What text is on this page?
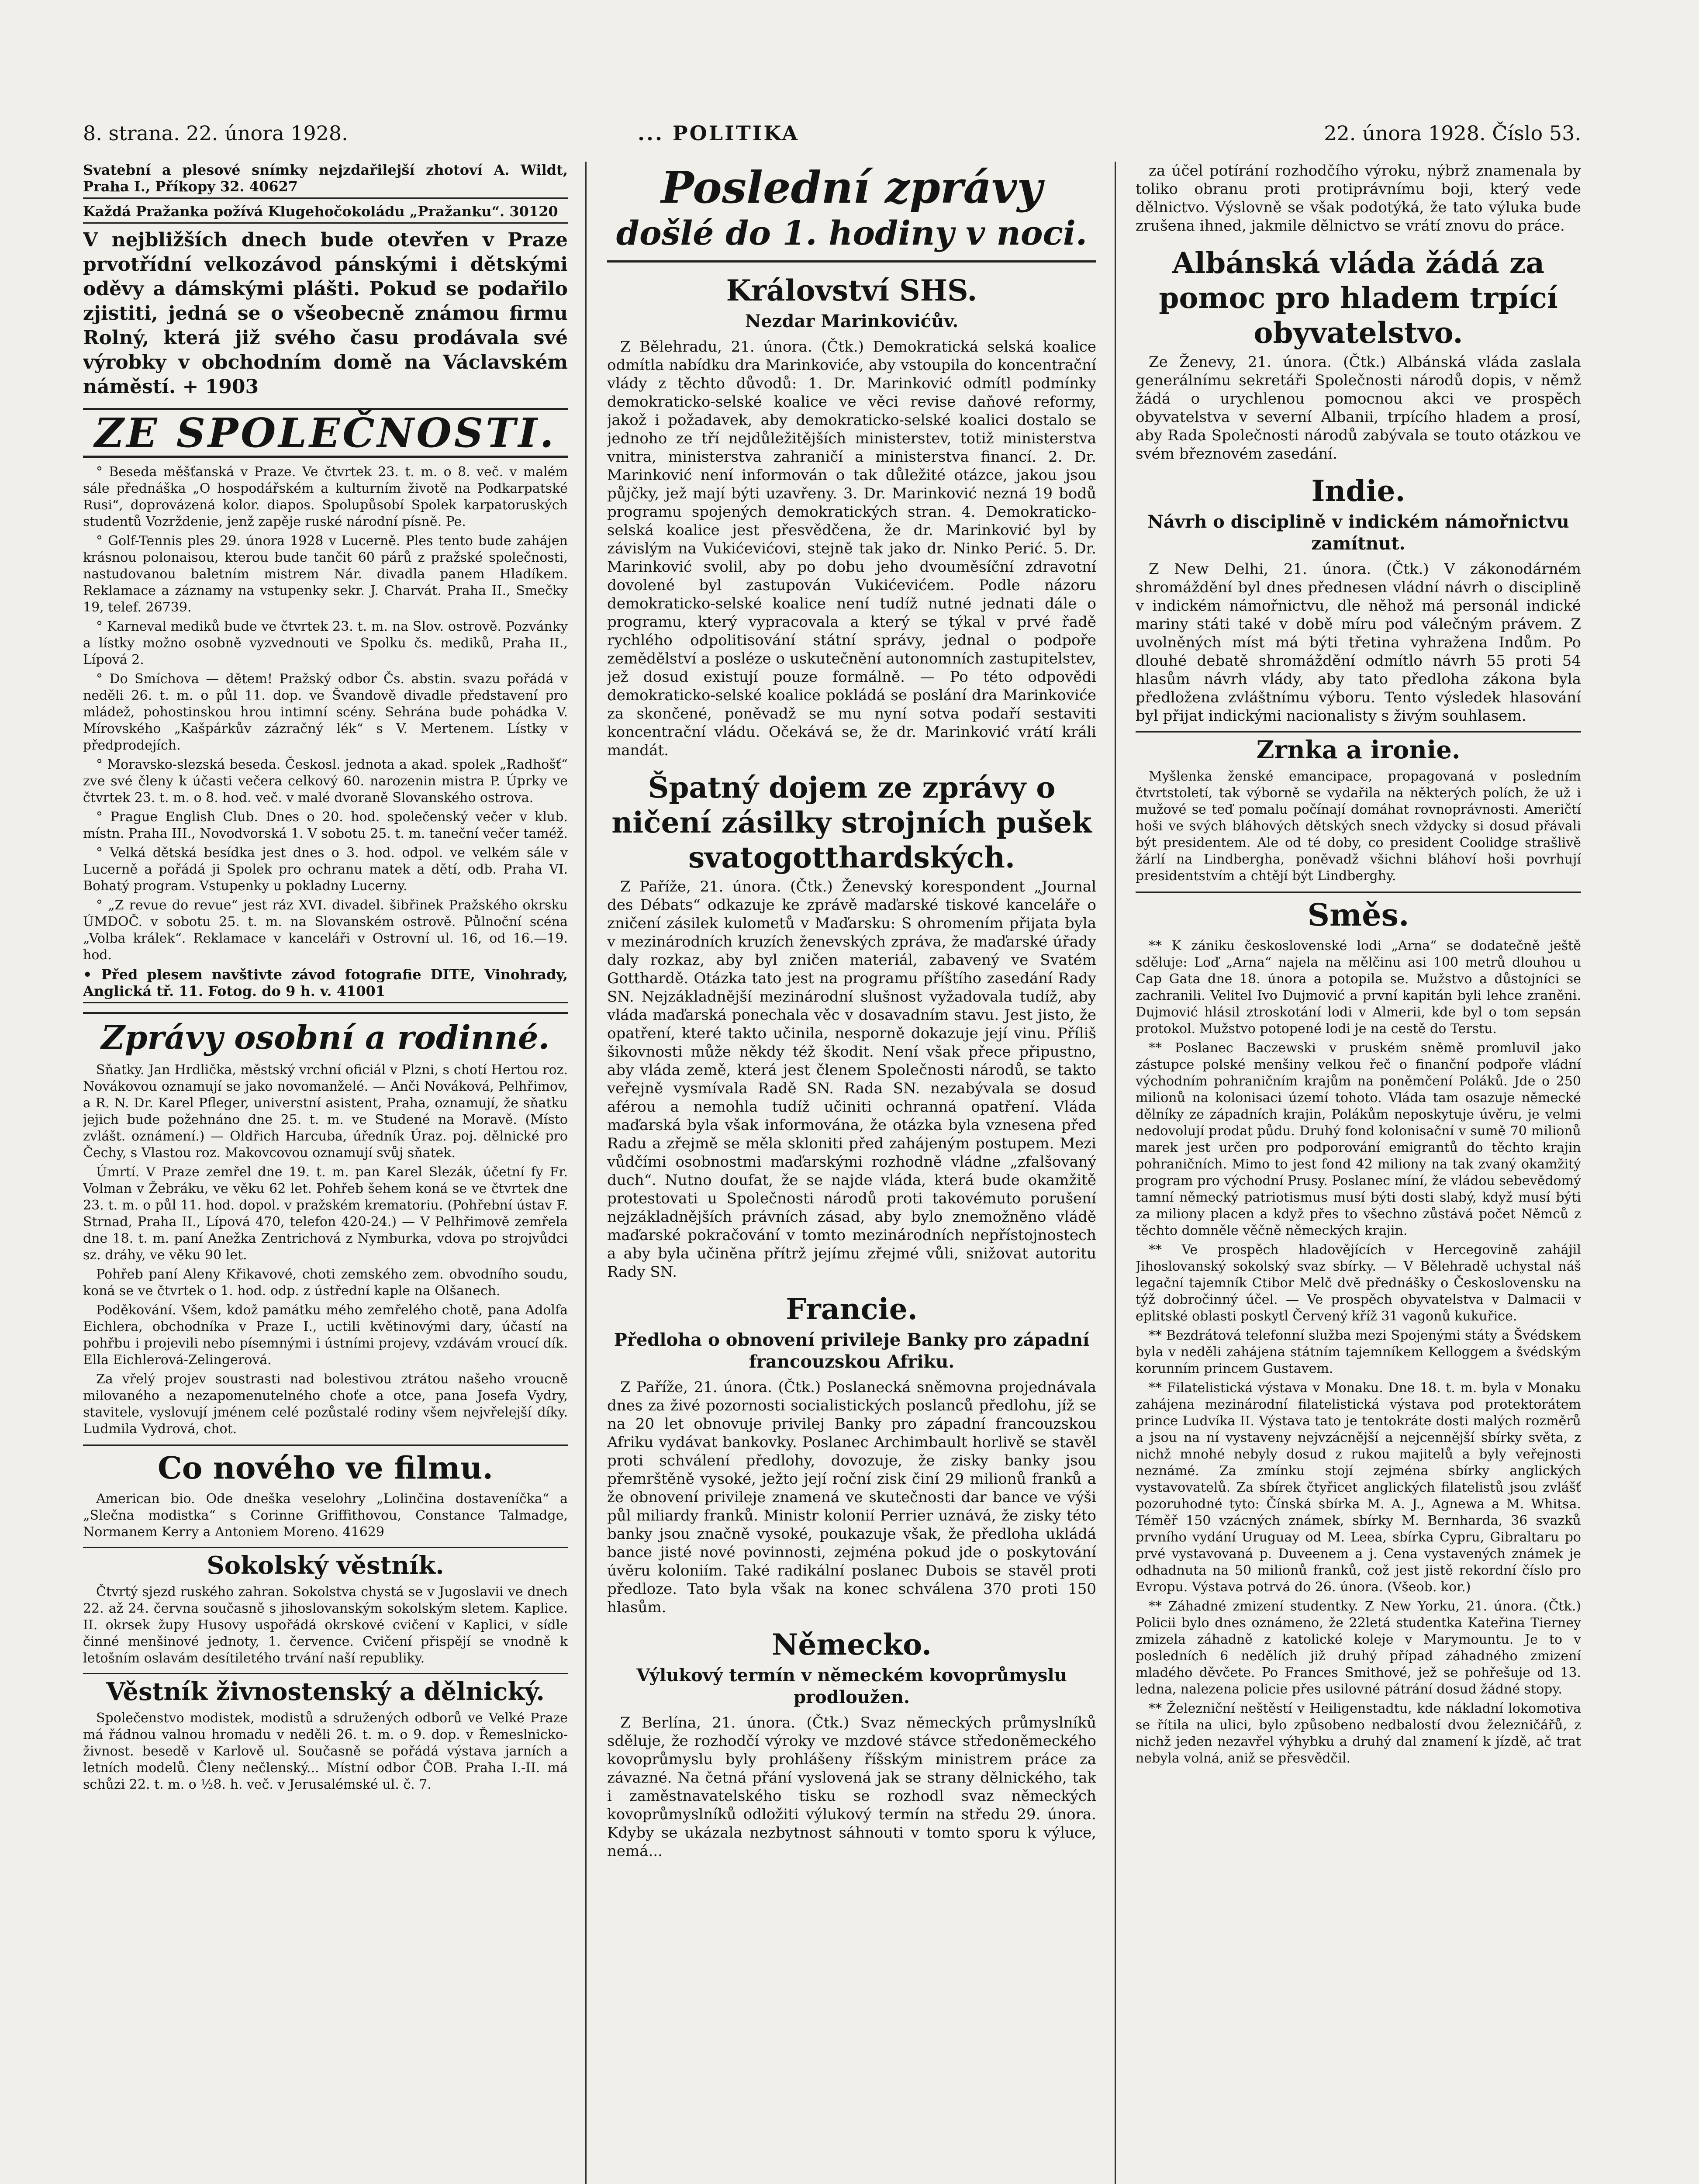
8. strana. 22. února 1928.	... POLITIKA	22. února 1928. Číslo 53.
Svatební a plesové snímky nejzdařilejší zhotoví A. Wildt, Praha I., Příkopy 32. 40627
Každá Pražanka požívá Klugehočokoládu „Pražanku“. 30120
V nejbližších dnech bude otevřen v Praze prvotřídní velkozávod pánskými i dětskými oděvy a dámskými plášti. Pokud se podařilo zjistiti, jedná se o všeobecně známou firmu Rolný, která již svého času prodávala své výrobky v obchodním domě na Václavském náměstí. + 1903
ZE SPOLEČNOSTI.

° Beseda měšťanská v Praze. Ve čtvrtek 23. t. m. o 8. več. v malém sále přednáška „O hospodářském a kulturním životě na Podkarpatské Rusi“, doprovázená kolor. diapos. Spolupůsobí Spolek karpatoruských studentů Vozrždenie, jenž zapěje ruské národní písně. Pe.

° Golf-Tennis ples 29. února 1928 v Lucerně. Ples tento bude zahájen krásnou polonaisou, kterou bude tančit 60 párů z pražské společnosti, nastudovanou baletním mistrem Nár. divadla panem Hladíkem. Reklamace a záznamy na vstupenky sekr. J. Charvát. Praha II., Smečky 19, telef. 26739.

° Karneval mediků bude ve čtvrtek 23. t. m. na Slov. ostrově. Pozvánky a lístky možno osobně vyzvednouti ve Spolku čs. mediků, Praha II., Lípová 2.

° Do Smíchova — dětem! Pražský odbor Čs. abstin. svazu pořádá v neděli 26. t. m. o půl 11. dop. ve Švandově divadle představení pro mládež, pohostinskou hrou intimní scény. Sehrána bude pohádka V. Mírovského „Kašpárkův zázračný lék“ s V. Mertenem. Lístky v předprodejích.

° Moravsko-slezská beseda. Českosl. jednota a akad. spolek „Radhošť“ zve své členy k účasti večera celkový 60. narozenin mistra P. Úprky ve čtvrtek 23. t. m. o 8. hod. več. v malé dvoraně Slovanského ostrova.

° Prague English Club. Dnes o 20. hod. společenský večer v klub. místn. Praha III., Novodvorská 1. V sobotu 25. t. m. taneční večer taméž.

° Velká dětská besídka jest dnes o 3. hod. odpol. ve velkém sále v Lucerně a pořádá ji Spolek pro ochranu matek a dětí, odb. Praha VI. Bohatý program. Vstupenky u pokladny Lucerny.

° „Z revue do revue“ jest ráz XVI. divadel. šibřinek Pražského okrsku ÚMDOČ. v sobotu 25. t. m. na Slovanském ostrově. Půlnoční scéna „Volba králek“. Reklamace v kanceláři v Ostrovní ul. 16, od 16.—19. hod.

• Před plesem navštivte závod fotografie DITE, Vinohrady, Anglická tř. 11. Fotog. do 9 h. v. 41001
Zprávy osobní a rodinné.

Sňatky. Jan Hrdlička, městský vrchní oficiál v Plzni, s chotí Hertou roz. Novákovou oznamují se jako novomanželé. — Anči Nováková, Pelhřimov, a R. N. Dr. Karel Pfleger, universtní asistent, Praha, oznamují, že sňatku jejich bude požehnáno dne 25. t. m. ve Studené na Moravě. (Místo zvlášt. oznámení.) — Oldřich Harcuba, úředník Úraz. poj. dělnické pro Čechy, s Vlastou roz. Makovcovou oznamují svůj sňatek.

Úmrtí. V Praze zemřel dne 19. t. m. pan Karel Slezák, účetní fy Fr. Volman v Žebráku, ve věku 62 let. Pohřeb šehem koná se ve čtvrtek dne 23. t. m. o půl 11. hod. dopol. v pražském krematoriu. (Pohřební ústav F. Strnad, Praha II., Lípová 470, telefon 420-24.) — V Pelhřimově zemřela dne 18. t. m. paní Anežka Zentrichová z Nymburka, vdova po strojvůdci sz. dráhy, ve věku 90 let.

Pohřeb paní Aleny Křikavové, choti zemského zem. obvodního soudu, koná se ve čtvrtek o 1. hod. odp. z ústřední kaple na Olšanech.

Poděkování. Všem, kdož památku mého zemřelého chotě, pana Adolfa Eichlera, obchodníka v Praze I., uctili květinovými dary, účastí na pohřbu i projevili nebo písemnými i ústními projevy, vzdávám vroucí dík. Ella Eichlerová-Zelingerová.

Za vřelý projev soustrasti nad bolestivou ztrátou našeho vroucně milovaného a nezapomenutelného choťe a otce, pana Josefa Vydry, stavitele, vyslovují jménem celé pozůstalé rodiny všem nejvřelejší díky. Ludmila Vydrová, chot.

Co nového ve filmu.

American bio. Ode dneška veselohry „Lolinčina dostaveníčka“ a „Slečna modistka“ s Corinne Griffithovou, Constance Talmadge, Normanem Kerry a Antoniem Moreno. 41629

Sokolský věstník.

Čtvrtý sjezd ruského zahran. Sokolstva chystá se v Jugoslavii ve dnech 22. až 24. června současně s jihoslovanským sokolským sletem. Kaplice. II. okrsek župy Husovy uspořádá okrskové cvičení v Kaplici, v sídle činné menšinové jednoty, 1. července. Cvičení přispějí se vnodně k letošním oslavám desítiletého trvání naší republiky.

Věstník živnostenský a dělnický.

Společenstvo modistek, modistů a sdružených odborů ve Velké Praze má řádnou valnou hromadu v neděli 26. t. m. o 9. dop. v Řemeslnicko-živnost. besedě v Karlově ul. Současně se pořádá výstava jarních a letních modelů. Členy nečlenský... Místní odbor ČOB. Praha I.-II. má schůzi 22. t. m. o ½8. h. več. v Jerusalémské ul. č. 7.

Poslední zprávy
došlé do 1. hodiny v noci.
Království SHS.
Nezdar Marinkovićův.

Z Bělehradu, 21. února. (Čtk.) Demokratická selská koalice odmítla nabídku dra Marinkoviće, aby vstoupila do koncentrační vlády z těchto důvodů: 1. Dr. Marinković odmítl podmínky demokraticko-selské koalice ve věci revise daňové reformy, jakož i požadavek, aby demokraticko-selské koalici dostalo se jednoho ze tří nejdůležitějších ministerstev, totiž ministerstva vnitra, ministerstva zahraničí a ministerstva financí. 2. Dr. Marinković není informován o tak důležité otázce, jakou jsou půjčky, jež mají býti uzavřeny. 3. Dr. Marinković nezná 19 bodů programu spojených demokratických stran. 4. Demokraticko-selská koalice jest přesvědčena, že dr. Marinković byl by závislým na Vukićevićovi, stejně tak jako dr. Ninko Perić. 5. Dr. Marinković svolil, aby po dobu jeho dvouměsíční zdravotní dovolené byl zastupován Vukićevićem. Podle názoru demokraticko-selské koalice není tudíž nutné jednati dále o programu, který vypracovala a který se týkal v prvé řadě rychlého odpolitisování státní správy, jednal o podpoře zemědělství a posléze o uskutečnění autonomních zastupitelstev, jež dosud existují pouze formálně. — Po této odpovědi demokraticko-selské koalice pokládá se poslání dra Marinkoviće za skončené, poněvadž se mu nyní sotva podaří sestaviti koncentrační vládu. Očekává se, že dr. Marinković vrátí králi mandát.

Špatný dojem ze zprávy o ničení zásilky strojních pušek svatogotthardských.

Z Paříže, 21. února. (Čtk.) Ženevský korespondent „Journal des Débats“ odkazuje ke zprávě maďarské tiskové kanceláře o zničení zásilek kulometů v Maďarsku: S ohromením přijata byla v mezinárodních kruzích ženevských zpráva, že maďarské úřady daly rozkaz, aby byl zničen materiál, zabavený ve Svatém Gotthardě. Otázka tato jest na programu příštího zasedání Rady SN. Nejzákladnější mezinárodní slušnost vyžadovala tudíž, aby vláda maďarská ponechala věc v dosavadním stavu. Jest jisto, že opatření, které takto učinila, nesporně dokazuje její vinu. Příliš šikovnosti může někdy též škodit. Není však přece připustno, aby vláda země, která jest členem Společnosti národů, se takto veřejně vysmívala Radě SN. Rada SN. nezabývala se dosud aférou a nemohla tudíž učiniti ochranná opatření. Vláda maďarská byla však informována, že otázka byla vznesena před Radu a zřejmě se měla skloniti před zahájeným postupem. Mezi vůdčími osobnostmi maďarskými rozhodně vládne „zfalšovaný duch“. Nutno doufat, že se najde vláda, která bude okamžitě protestovati u Společnosti národů proti takovémuto porušení nejzákladnějších právních zásad, aby bylo znemožněno vládě maďarské pokračování v tomto mezinárodních nepřístojnostech a aby byla učiněna přítrž jejímu zřejmé vůli, snižovat autoritu Rady SN.

Francie.
Předloha o obnovení privileje Banky pro západní francouzskou Afriku.

Z Paříže, 21. února. (Čtk.) Poslanecká sněmovna projednávala dnes za živé pozornosti socialistických poslanců předlohu, jíž se na 20 let obnovuje privilej Banky pro západní francouzskou Afriku vydávat bankovky. Poslanec Archimbault horlivě se stavěl proti schválení předlohy, dovozuje, že zisky banky jsou přemrštěně vysoké, ježto její roční zisk činí 29 milionů franků a že obnovení privileje znamená ve skutečnosti dar bance ve výši půl miliardy franků. Ministr kolonií Perrier uznává, že zisky této banky jsou značně vysoké, poukazuje však, že předloha ukládá bance jisté nové povinnosti, zejména pokud jde o poskytování úvěru koloniím. Také radikální poslanec Dubois se stavěl proti předloze. Tato byla však na konec schválena 370 proti 150 hlasům.

Německo.
Výlukový termín v německém kovoprůmyslu prodloužen.

Z Berlína, 21. února. (Čtk.) Svaz německých průmyslníků sděluje, že rozhodčí výroky ve mzdové stávce středoněmeckého kovoprůmyslu byly prohlášeny říšským ministrem práce za závazné. Na četná přání vyslovená jak se strany dělnického, tak i zaměstnavatelského tisku se rozhodl svaz německých kovoprůmyslníků odložiti výlukový termín na středu 29. února. Kdyby se ukázala nezbytnost sáhnouti v tomto sporu k výluce, nemá...

za účel potírání rozhodčího výroku, nýbrž znamenala by toliko obranu proti protiprávnímu boji, který vede dělnictvo. Výslovně se však podotýká, že tato výluka bude zrušena ihned, jakmile dělnictvo se vrátí znovu do práce.

Albánská vláda žádá za pomoc pro hladem trpící obyvatelstvo.

Ze Ženevy, 21. února. (Čtk.) Albánská vláda zaslala generálnímu sekretáři Společnosti národů dopis, v němž žádá o urychlenou pomocnou akci ve prospěch obyvatelstva v severní Albanii, trpícího hladem a prosí, aby Rada Společnosti národů zabývala se touto otázkou ve svém březnovém zasedání.

Indie.
Návrh o disciplině v indickém námořnictvu zamítnut.

Z New Delhi, 21. února. (Čtk.) V zákonodárném shromáždění byl dnes přednesen vládní návrh o disciplině v indickém námořnictvu, dle něhož má personál indické mariny státi také v době míru pod válečným právem. Z uvolněných míst má býti třetina vyhražena Indům. Po dlouhé debatě shromáždění odmítlo návrh 55 proti 54 hlasům návrh vlády, aby tato předloha zákona byla předložena zvláštnímu výboru. Tento výsledek hlasování byl přijat indickými nacionalisty s živým souhlasem.

Zrnka a ironie.

Myšlenka ženské emancipace, propagovaná v posledním čtvrtstoletí, tak výborně se vydařila na některých polích, že už i mužové se teď pomalu počínají domáhat rovnoprávnosti. Američtí hoši ve svých bláhových dětských snech vždycky si dosud přávali být presidentem. Ale od té doby, co president Coolidge strašlivě žárlí na Lindbergha, poněvadž všichni bláhoví hoši povrhují presidentstvím a chtějí být Lindberghy.

Směs.

** K zániku československé lodi „Arna“ se dodatečně ještě sděluje: Loď „Arna“ najela na mělčinu asi 100 metrů dlouhou u Cap Gata dne 18. února a potopila se. Mužstvo a důstojníci se zachranili. Velitel Ivo Dujmović a první kapitán byli lehce zraněni. Dujmović hlásil ztroskotání lodi v Almerii, kde byl o tom sepsán protokol. Mužstvo potopené lodi je na cestě do Terstu.

** Poslanec Baczewski v pruském sněmě promluvil jako zástupce polské menšiny velkou řeč o finanční podpoře vládní východním pohraničním krajům na poněmčení Poláků. Jde o 250 milionů na kolonisaci území tohoto. Vláda tam osazuje německé dělníky ze západních krajin, Polákům neposkytuje úvěru, je velmi nedovolují prodat půdu. Druhý fond kolonisační v sumě 70 milionů marek jest určen pro podporování emigrantů do těchto krajin pohraničních. Mimo to jest fond 42 miliony na tak zvaný okamžitý program pro východní Prusy. Poslanec míní, že vládou sebevědomý tamní německý patriotismus musí býti dosti slabý, když musí býti za miliony placen a když přes to všechno zůstává počet Němců z těchto domněle věčně německých krajin.

** Ve prospěch hladovějících v Hercegovině zahájil Jihoslovanský sokolský svaz sbírky. — V Bělehradě uchystal náš legační tajemník Ctibor Melč dvě přednášky o Československu na týž dobročinný účel. — Ve prospěch obyvatelstva v Dalmacii v eplitské oblasti poskytl Červený kříž 31 vagonů kukuřice.

** Bezdrátová telefonní služba mezi Spojenými státy a Švédskem byla v neděli zahájena státním tajemníkem Kelloggem a švédským korunním princem Gustavem.

** Filatelistická výstava v Monaku. Dne 18. t. m. byla v Monaku zahájena mezinárodní filatelistická výstava pod protektorátem prince Ludvíka II. Výstava tato je tentokráte dosti malých rozměrů a jsou na ní vystaveny nejvzácnější a nejcennější sbírky světa, z nichž mnohé nebyly dosud z rukou majitelů a byly veřejnosti neznámé. Za zmínku stojí zejména sbírky anglických vystavovatelů. Za sbírek čtyřicet anglických filatelistů jsou zvlášť pozoruhodné tyto: Čínská sbírka M. A. J., Agnewa a M. Whitsa. Téměř 150 vzácných známek, sbírky M. Bernharda, 36 svazků prvního vydání Uruguay od M. Leea, sbírka Cypru, Gibraltaru po prvé vystavovaná p. Duveenem a j. Cena vystavených známek je odhadnuta na 50 milionů franků, což jest jistě rekordní číslo pro Evropu. Výstava potrvá do 26. února. (Všeob. kor.)

** Záhadné zmizení studentky. Z New Yorku, 21. února. (Čtk.) Policii bylo dnes oznámeno, že 22letá studentka Kateřina Tierney zmizela záhadně z katolické koleje v Marymountu. Je to v posledních 6 nedělích již druhý případ záhadného zmizení mladého děvčete. Po Frances Smithové, jež se pohřešuje od 13. ledna, nalezena policie přes usilovné pátrání dosud žádné stopy.

** Železniční neštěstí v Heiligenstadtu, kde nákladní lokomotiva se řítila na ulici, bylo způsobeno nedbalostí dvou železničářů, z nichž jeden nezavřel výhybku a druhý dal znamení k jízdě, ač trat nebyla volná, aniž se přesvědčil.
